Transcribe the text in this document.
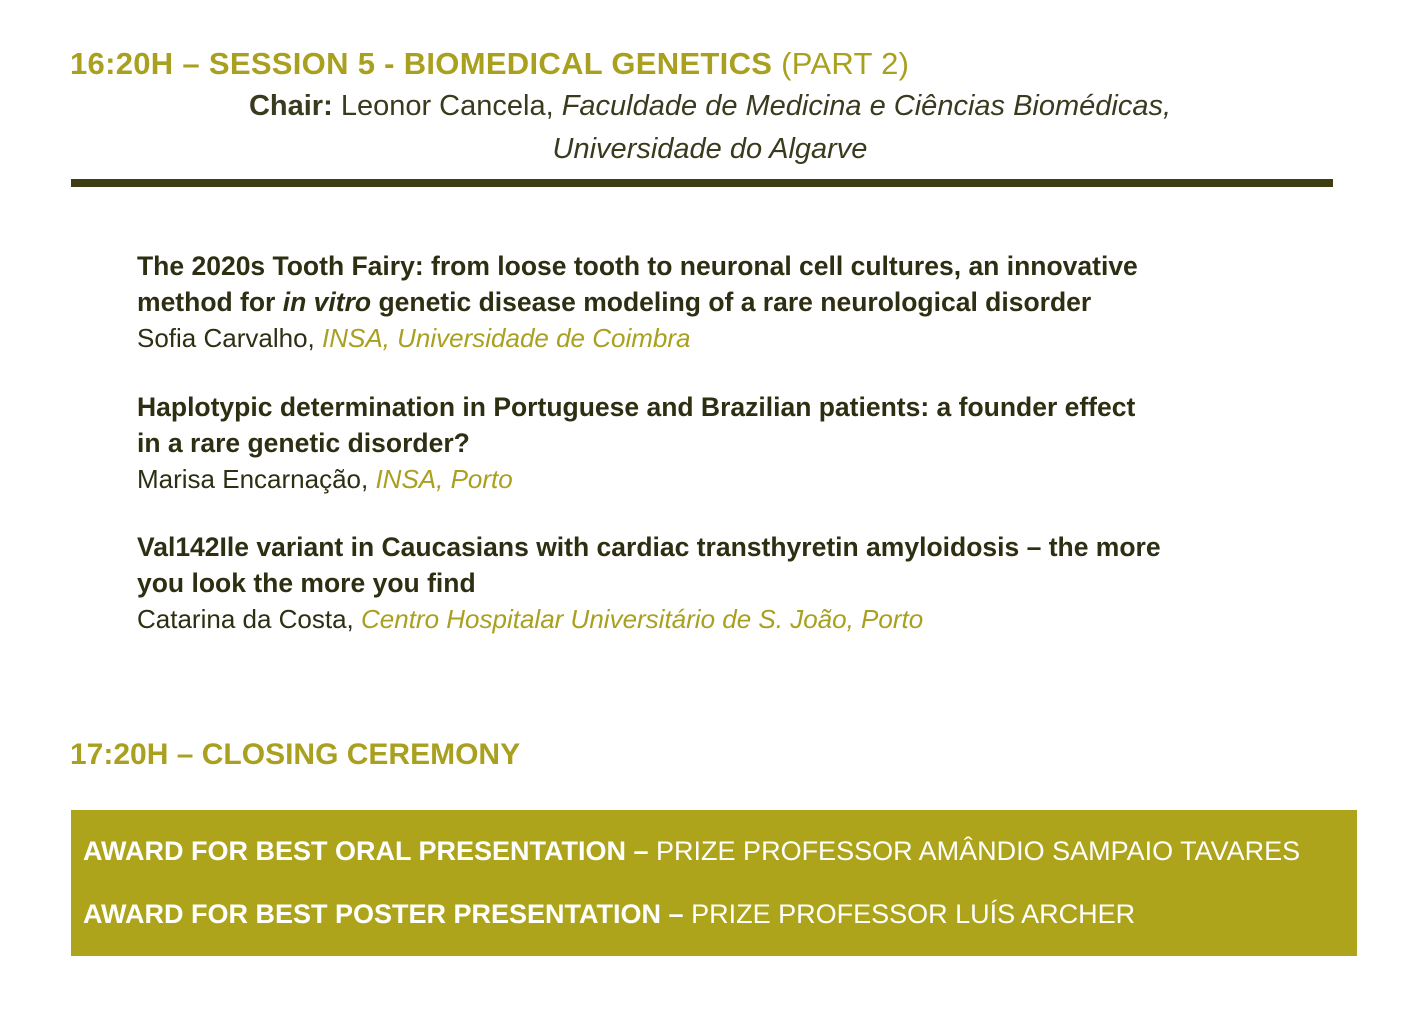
16:20H – SESSION 5 - BIOMEDICAL GENETICS (PART 2)
Chair: Leonor Cancela, Faculdade de Medicina e Ciências Biomédicas,
Universidade do Algarve
The 2020s Tooth Fairy: from loose tooth to neuronal cell cultures, an innovative
method for in vitro genetic disease modeling of a rare neurological disorder
Sofia Carvalho, INSA, Universidade de Coimbra
Haplotypic determination in Portuguese and Brazilian patients: a founder effect
in a rare genetic disorder?
Marisa Encarnação, INSA, Porto
Val142Ile variant in Caucasians with cardiac transthyretin amyloidosis – the more
you look the more you find
Catarina da Costa, Centro Hospitalar Universitário de S. João, Porto
17:20H – CLOSING CEREMONY
AWARD FOR BEST ORAL PRESENTATION – PRIZE PROFESSOR AMÂNDIO SAMPAIO TAVARES
AWARD FOR BEST POSTER PRESENTATION – PRIZE PROFESSOR LUÍS ARCHER
